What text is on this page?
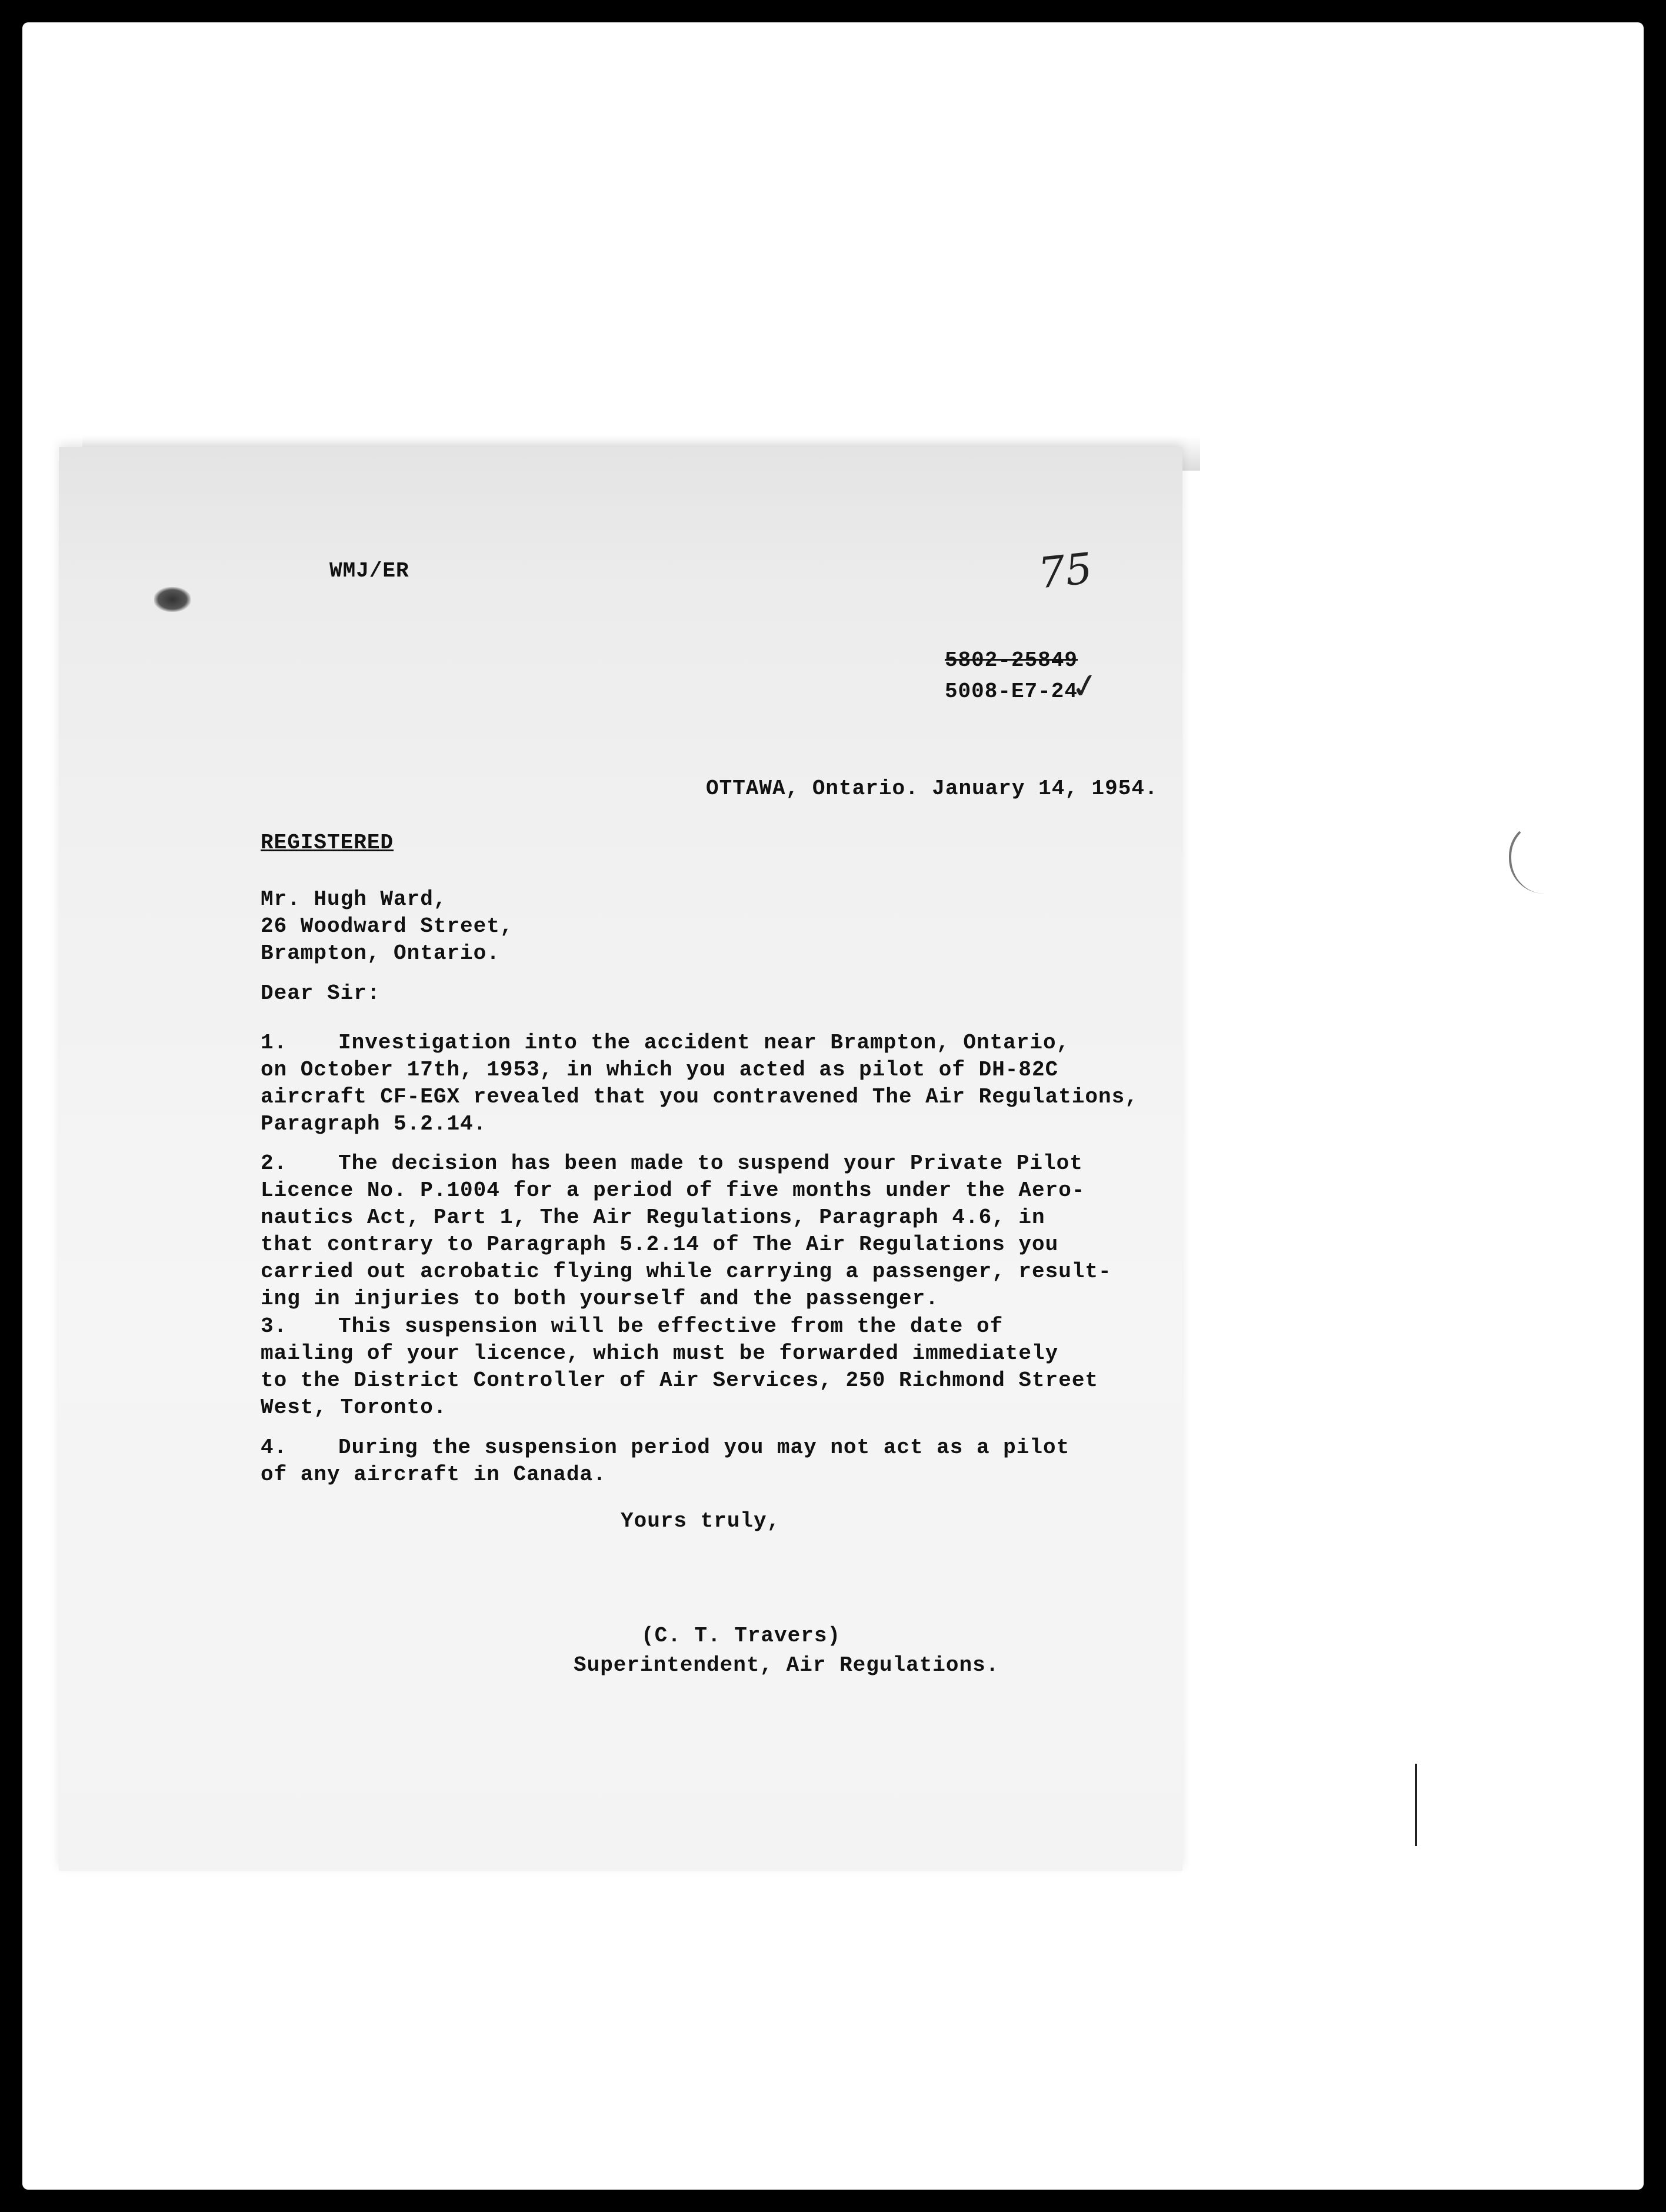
WMJ/ER	75
5802-25849
5008-E7-24
✓

OTTAWA, Ontario. January 14, 1954.

REGISTERED

Mr. Hugh Ward,
26 Woodward Street,
Brampton, Ontario.

Dear Sir:

1. Investigation into the accident near Brampton, Ontario,
on October 17th, 1953, in which you acted as pilot of DH-82C
aircraft CF-EGX revealed that you contravened The Air Regulations,
Paragraph 5.2.14.
2. The decision has been made to suspend your Private Pilot
Licence No. P.1004 for a period of five months under the Aero-
nautics Act, Part 1, The Air Regulations, Paragraph 4.6, in
that contrary to Paragraph 5.2.14 of The Air Regulations you
carried out acrobatic flying while carrying a passenger, result-
ing in injuries to both yourself and the passenger.
3. This suspension will be effective from the date of
mailing of your licence, which must be forwarded immediately
to the District Controller of Air Services, 250 Richmond Street
West, Toronto.
4. During the suspension period you may not act as a pilot
of any aircraft in Canada.

Yours truly,

(C. T. Travers)

Superintendent, Air Regulations.
